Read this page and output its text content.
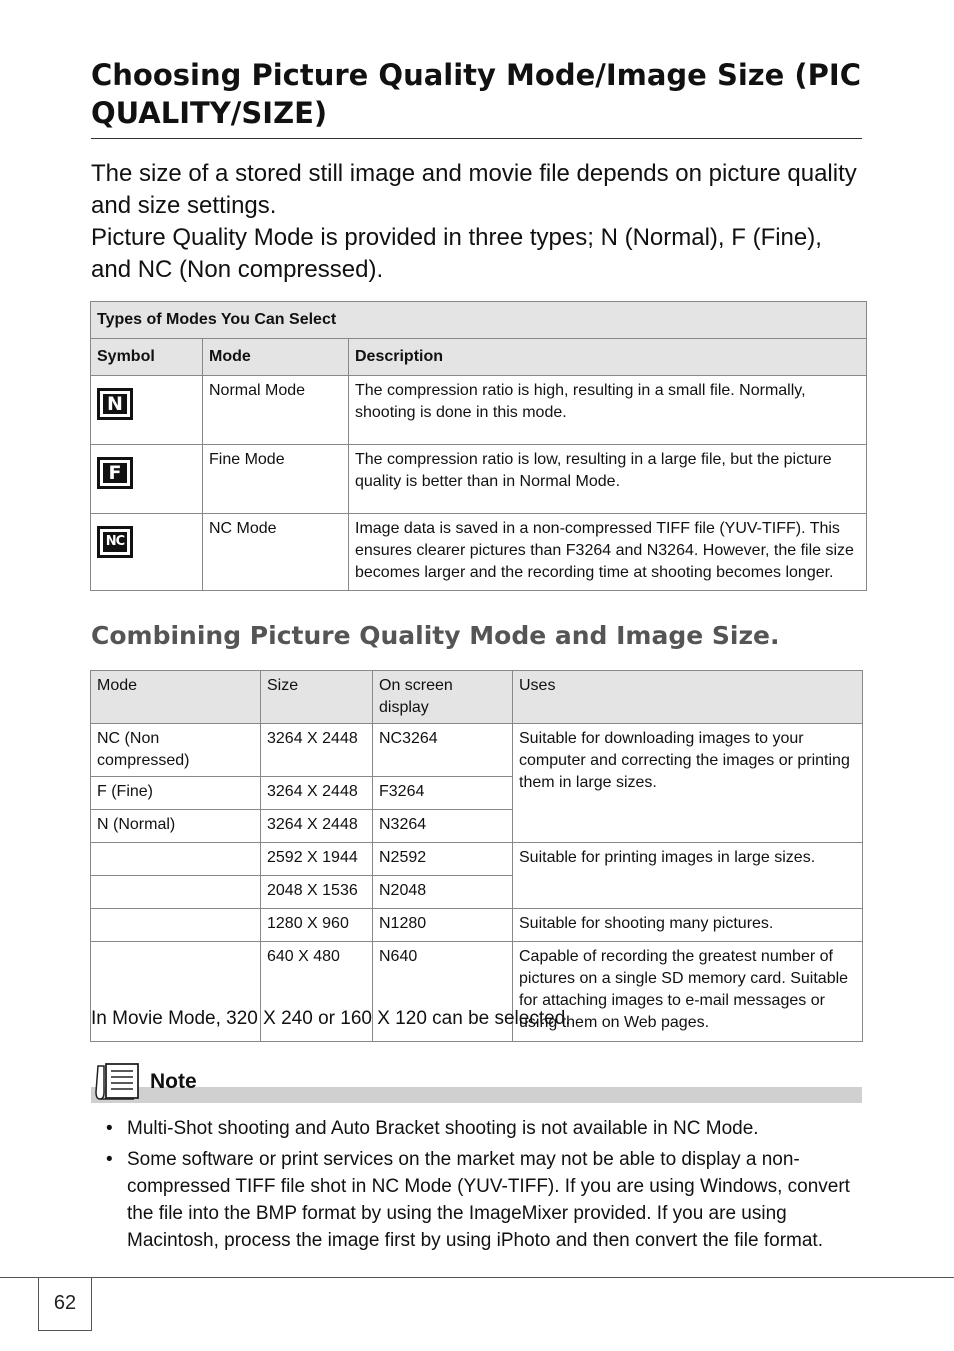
Choosing Picture Quality Mode/Image Size (PIC QUALITY/SIZE)

The size of a stored still image and movie file depends on picture quality and size settings.

Picture Quality Mode is provided in three types; N (Normal), F (Fine), and NC (Non compressed).

Types of Modes You Can Select		
Symbol	Mode	Description

N	Normal Mode	The compression ratio is high, resulting in a small file. Normally, shooting is done in this mode.

F	Fine Mode	The compression ratio is low, resulting in a large file, but the picture quality is better than in Normal Mode.

NC	NC Mode	Image data is saved in a non-compressed TIFF file (YUV-TIFF). This ensures clearer pictures than F3264 and N3264. However, the file size becomes larger and the recording time at shooting becomes longer.
Combining Picture Quality Mode and Image Size.
Mode	Size	On screen display	Uses
NC (Non compressed)	3264 X 2448	NC3264	Suitable for downloading images to your computer and correcting the images or printing them in large sizes.
F (Fine)	3264 X 2448	F3264	
N (Normal)	3264 X 2448	N3264	
	2592 X 1944	N2592	Suitable for printing images in large sizes.
	2048 X 1536	N2048	
	1280 X 960	N1280	Suitable for shooting many pictures.
	640 X 480	N640	Capable of recording the greatest number of pictures on a single SD memory card. Suitable for attaching images to e-mail messages or using them on Web pages.

In Movie Mode, 320 X 240 or 160 X 120 can be selected.

Note

• Multi-Shot shooting and Auto Bracket shooting is not available in NC Mode.
• Some software or print services on the market may not be able to display a non-compressed TIFF file shot in NC Mode (YUV-TIFF). If you are using Windows, convert the file into the BMP format by using the ImageMixer provided. If you are using Macintosh, process the image first by using iPhoto and then convert the file format.
62
